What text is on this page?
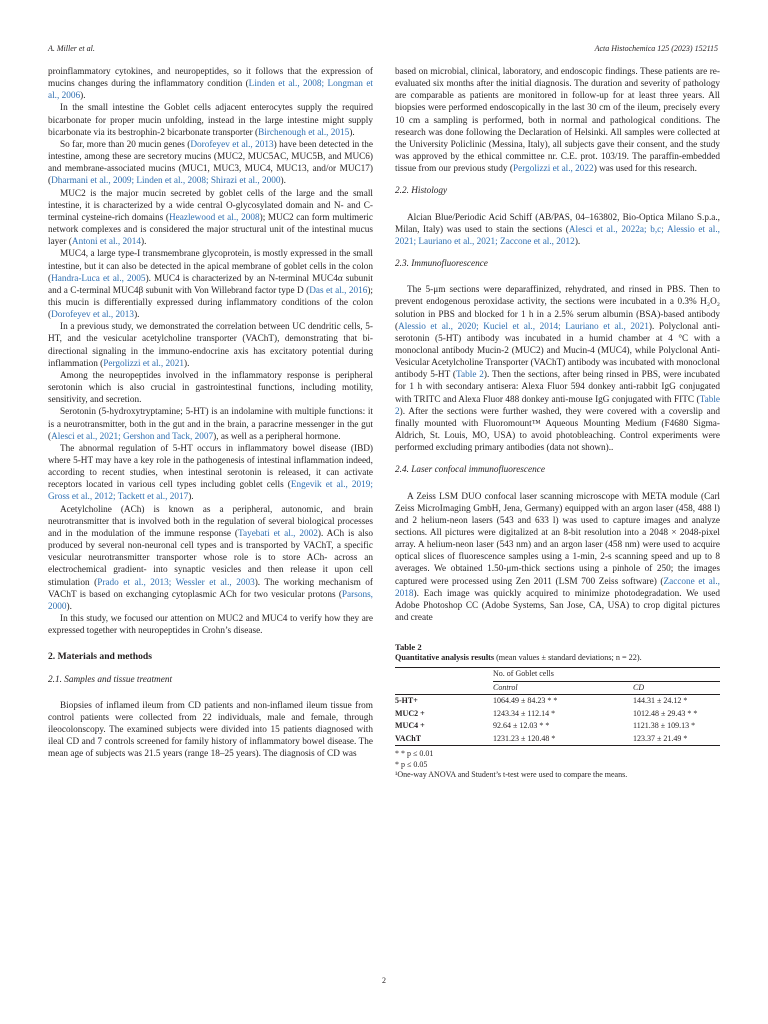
A. Miller et al.	Acta Histochemica 125 (2023) 152115

proinflammatory cytokines, and neuropeptides, so it follows that the expression of mucins changes during the inflammatory condition (Linden et al., 2008; Longman et al., 2006).

In the small intestine the Goblet cells adjacent enterocytes supply the required bicarbonate for proper mucin unfolding, instead in the large intestine might supply bicarbonate via its bestrophin-2 bicarbonate transporter (Birchenough et al., 2015).

So far, more than 20 mucin genes (Dorofeyev et al., 2013) have been detected in the intestine, among these are secretory mucins (MUC2, MUC5AC, MUC5B, and MUC6) and membrane-associated mucins (MUC1, MUC3, MUC4, MUC13, and/or MUC17) (Dharmani et al., 2009; Linden et al., 2008; Shirazi et al., 2000).

MUC2 is the major mucin secreted by goblet cells of the large and the small intestine, it is characterized by a wide central O-glycosylated domain and N- and C-terminal cysteine-rich domains (Heazlewood et al., 2008); MUC2 can form multimeric network complexes and is considered the major structural unit of the intestinal mucus layer (Antoni et al., 2014).

MUC4, a large type-I transmembrane glycoprotein, is mostly expressed in the small intestine, but it can also be detected in the apical membrane of goblet cells in the colon (Handra-Luca et al., 2005). MUC4 is characterized by an N-terminal MUC4α subunit and a C-terminal MUC4β subunit with Von Willebrand factor type D (Das et al., 2016); this mucin is differentially expressed during inflammatory conditions of the colon (Dorofeyev et al., 2013).

In a previous study, we demonstrated the correlation between UC dendritic cells, 5-HT, and the vesicular acetylcholine transporter (VAChT), demonstrating that bi-directional signaling in the immuno-endocrine axis has excitatory potential during inflammation (Pergolizzi et al., 2021).

Among the neuropeptides involved in the inflammatory response is peripheral serotonin which is also crucial in gastrointestinal functions, including motility, sensitivity, and secretion.

Serotonin (5-hydroxytryptamine; 5-HT) is an indolamine with multiple functions: it is a neurotransmitter, both in the gut and in the brain, a paracrine messenger in the gut (Alesci et al., 2021; Gershon and Tack, 2007), as well as a peripheral hormone.

The abnormal regulation of 5-HT occurs in inflammatory bowel disease (IBD) where 5-HT may have a key role in the pathogenesis of intestinal inflammation indeed, according to recent studies, when intestinal serotonin is released, it can activate receptors located in various cell types including goblet cells (Engevik et al., 2019; Gross et al., 2012; Tackett et al., 2017).

Acetylcholine (ACh) is known as a peripheral, autonomic, and brain neurotransmitter that is involved both in the regulation of several biological processes and in the modulation of the immune response (Tayebati et al., 2002). ACh is also produced by several non-neuronal cell types and is transported by VAChT, a specific vesicular neurotransmitter transporter whose role is to store ACh- across an electrochemical gradient- into synaptic vesicles and then release it upon cell stimulation (Prado et al., 2013; Wessler et al., 2003). The working mechanism of VAChT is based on exchanging cytoplasmic ACh for two vesicular protons (Parsons, 2000).

In this study, we focused our attention on MUC2 and MUC4 to verify how they are expressed together with neuropeptides in Crohn’s disease.

2. Materials and methods
2.1. Samples and tissue treatment

Biopsies of inflamed ileum from CD patients and non-inflamed ileum tissue from control patients were collected from 22 individuals, male and female, through ileocolonscopy. The examined subjects were divided into 15 patients diagnosed with ileal CD and 7 controls screened for family history of inflammatory bowel disease. The mean age of subjects was 21.5 years (range 18–25 years). The diagnosis of CD was

based on microbial, clinical, laboratory, and endoscopic findings. These patients are re-evaluated six months after the initial diagnosis. The duration and severity of pathology are comparable as patients are monitored in follow-up for at least three years. All biopsies were performed endoscopically in the last 30 cm of the ileum, precisely every 10 cm a sampling is performed, both in normal and pathological conditions. The research was done following the Declaration of Helsinki. All samples were collected at the University Policlinic (Messina, Italy), all subjects gave their consent, and the study was approved by the ethical committee nr. C.E. prot. 103/19. The paraffin-embedded tissue from our previous study (Pergolizzi et al., 2022) was used for this research.

2.2. Histology

Alcian Blue/Periodic Acid Schiff (AB/PAS, 04–163802, Bio-Optica Milano S.p.a., Milan, Italy) was used to stain the sections (Alesci et al., 2022a; b,c; Alessio et al., 2021; Lauriano et al., 2021; Zaccone et al., 2012).

2.3. Immunofluorescence

The 5-μm sections were deparaffinized, rehydrated, and rinsed in PBS. Then to prevent endogenous peroxidase activity, the sections were incubated in a 0.3% H₂O₂ solution in PBS and blocked for 1 h in a 2.5% serum albumin (BSA)-based antibody (Alessio et al., 2020; Kuciel et al., 2014; Lauriano et al., 2021). Polyclonal anti-serotonin (5-HT) antibody was incubated in a humid chamber at 4 °C with a monoclonal antibody Mucin-2 (MUC2) and Mucin-4 (MUC4), while Polyclonal Anti-Vesicular Acetylcholine Transporter (VAChT) antibody was incubated with monoclonal antibody 5-HT (Table 2). Then the sections, after being rinsed in PBS, were incubated for 1 h with secondary antisera: Alexa Fluor 594 donkey anti-rabbit IgG conjugated with TRITC and Alexa Fluor 488 donkey anti-mouse IgG conjugated with FITC (Table 2). After the sections were further washed, they were covered with a coverslip and finally mounted with Fluoromount™ Aqueous Mounting Medium (F4680 Sigma-Aldrich, St. Louis, MO, USA) to avoid photobleaching. Control experiments were performed excluding primary antibodies (data not shown)..

2.4. Laser confocal immunofluorescence

A Zeiss LSM DUO confocal laser scanning microscope with META module (Carl Zeiss MicroImaging GmbH, Jena, Germany) equipped with an argon laser (458, 488 l) and 2 helium-neon lasers (543 and 633 l) was used to capture images and analyze sections. All pictures were digitalized at an 8-bit resolution into a 2048 × 2048-pixel array. A helium-neon laser (543 nm) and an argon laser (458 nm) were used to acquire optical slices of fluorescence samples using a 1-min, 2-s scanning speed and up to 8 averages. We obtained 1.50-μm-thick sections using a pinhole of 250; the images captured were processed using Zen 2011 (LSM 700 Zeiss software) (Zaccone et al., 2018). Each image was quickly acquired to minimize photodegradation. We used Adobe Photoshop CC (Adobe Systems, San Jose, CA, USA) to crop digital pictures and create

Table 2
Quantitative analysis results (mean values ± standard deviations; n = 22).
	No. of Goblet cells	
	Control	CD
5-HT+	1064.49 ± 84.23 * *	144.31 ± 24.12 *
MUC2 +	1243.34 ± 112.14 *	1012.48 ± 29.43 * *
MUC4 +	92.64 ± 12.03 * *	1121.38 ± 109.13 *
VAChT	1231.23 ± 120.48 *	123.37 ± 21.49 *
* * p ≤ 0.01
* p ≤ 0.05
¹One-way ANOVA and Student’s t-test were used to compare the means.
2
